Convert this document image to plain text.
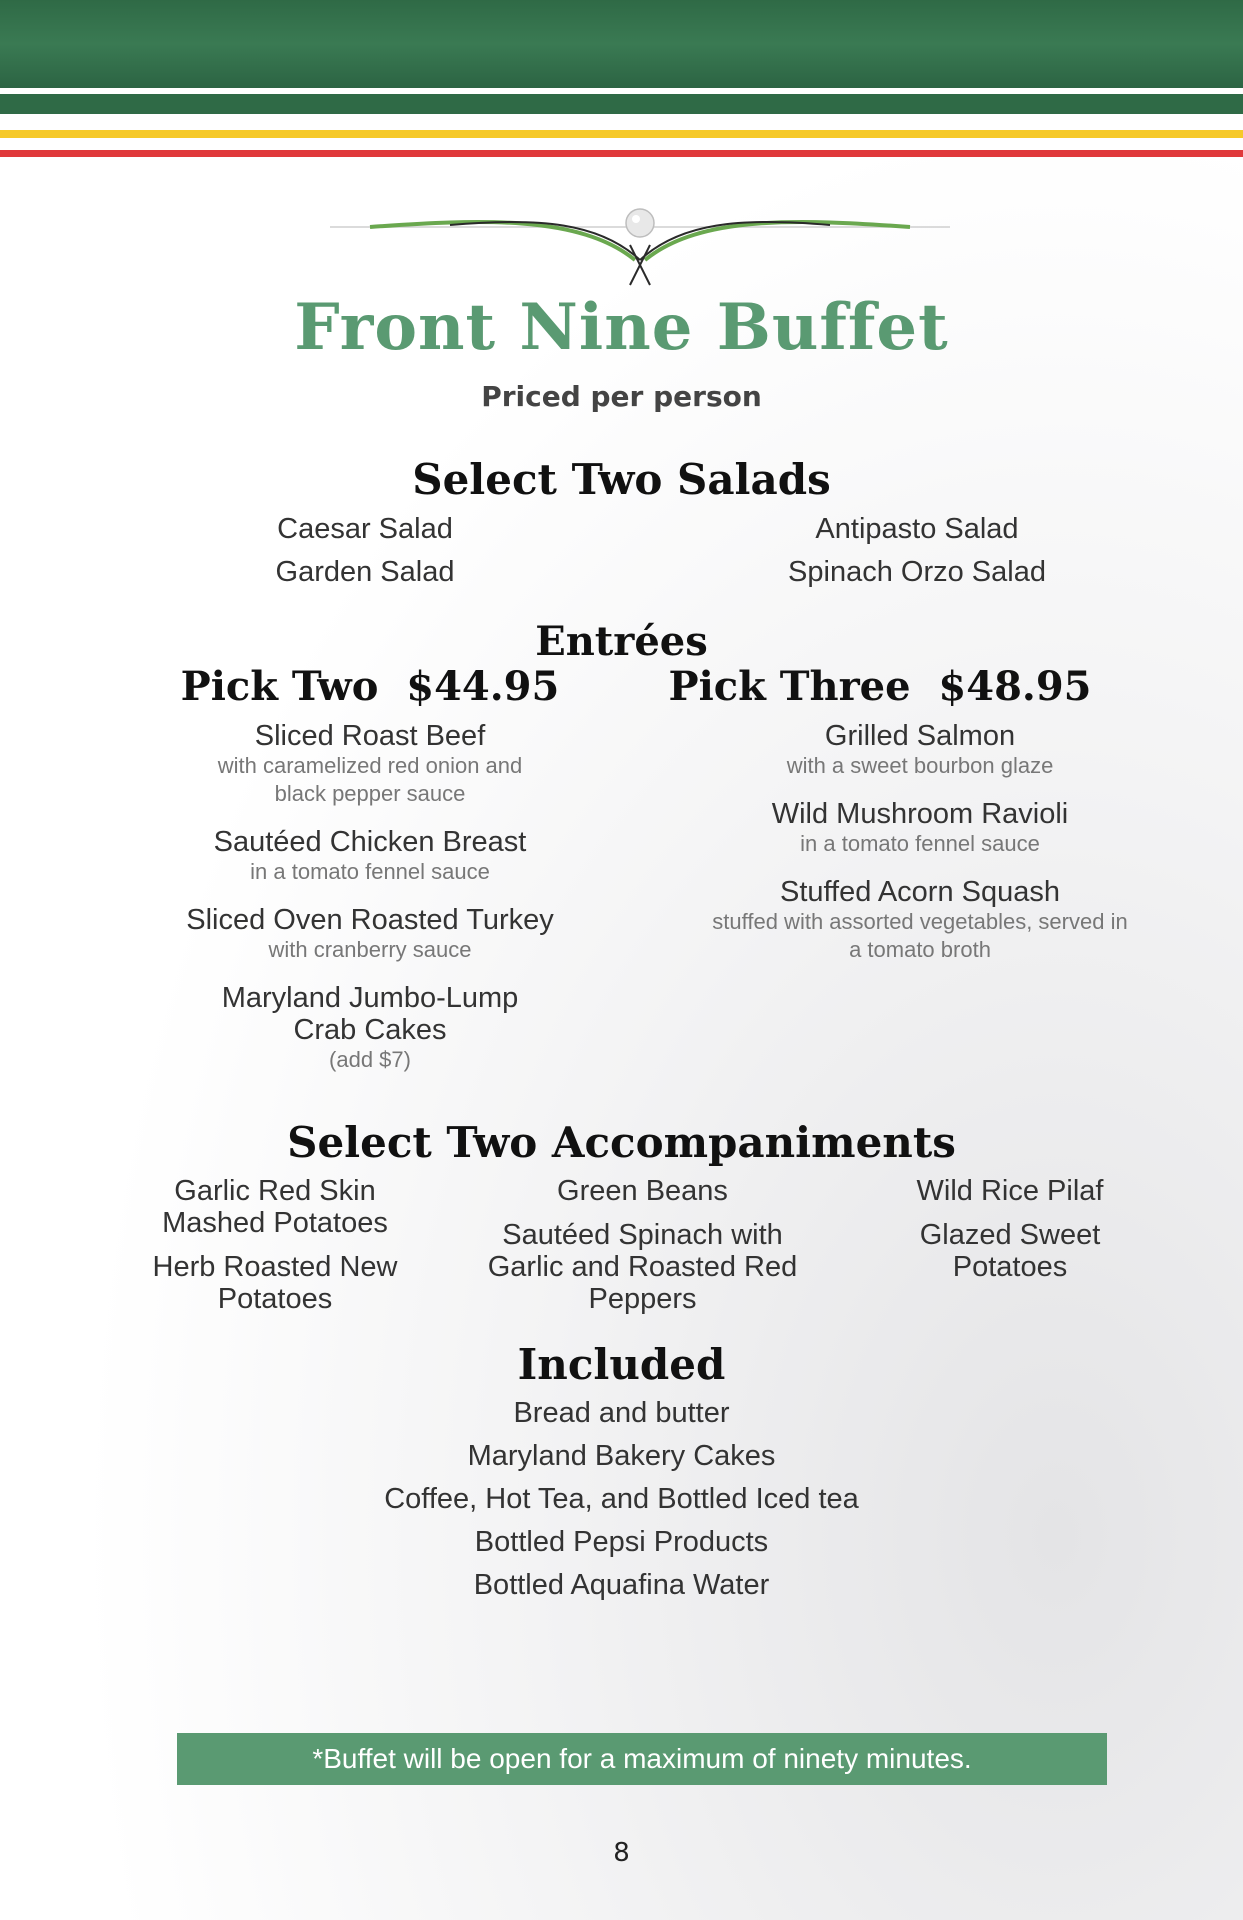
Front Nine Buffet
Priced per person
Select Two Salads
Caesar Salad
Garden Salad
Antipasto Salad
Spinach Orzo Salad
Entrées
Pick Two  $44.95	Pick Three  $48.95
Sliced Roast Beef
with caramelized red onion and black pepper sauce
Sautéed Chicken Breast
in a tomato fennel sauce
Sliced Oven Roasted Turkey
with cranberry sauce
Maryland Jumbo-Lump Crab Cakes
(add $7)
Grilled Salmon
with a sweet bourbon glaze
Wild Mushroom Ravioli
in a tomato fennel sauce
Stuffed Acorn Squash
stuffed with assorted vegetables, served in a tomato broth
Select Two Accompaniments
Garlic Red Skin Mashed Potatoes
Herb Roasted New Potatoes
Green Beans
Sautéed Spinach with Garlic and Roasted Red Peppers
Wild Rice Pilaf
Glazed Sweet Potatoes
Included
Bread and butter
Maryland Bakery Cakes
Coffee, Hot Tea, and Bottled Iced tea
Bottled Pepsi Products
Bottled Aquafina Water
*Buffet will be open for a maximum of ninety minutes.
8
